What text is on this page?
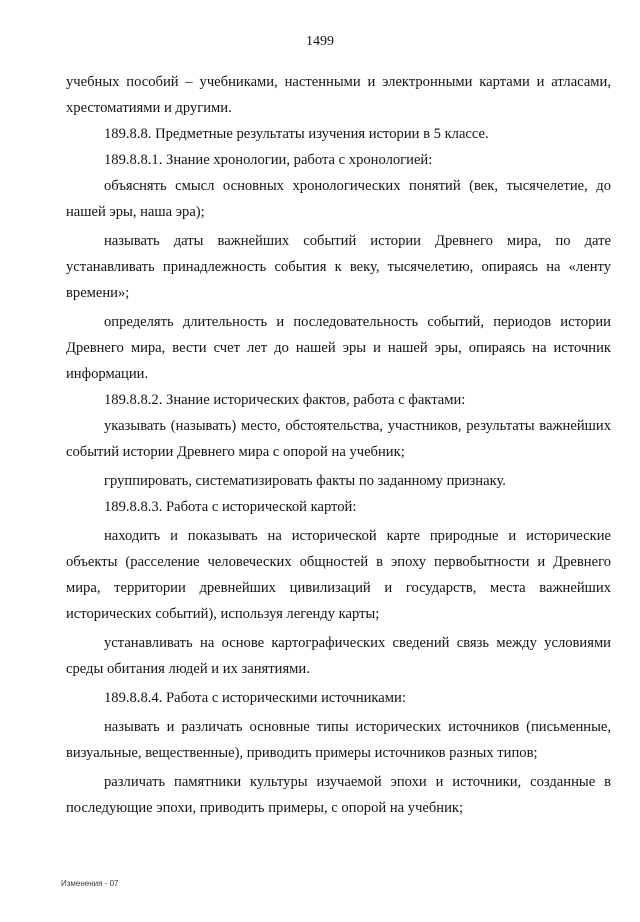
1499

учебных пособий – учебниками, настенными и электронными картами и атласами, хрестоматиями и другими.

189.8.8. Предметные результаты изучения истории в 5 классе.

189.8.8.1. Знание хронологии, работа с хронологией:

объяснять смысл основных хронологических понятий (век, тысячелетие, до нашей эры, наша эра);

называть даты важнейших событий истории Древнего мира, по дате устанавливать принадлежность события к веку, тысячелетию, опираясь на «ленту времени»;

определять длительность и последовательность событий, периодов истории Древнего мира, вести счет лет до нашей эры и нашей эры, опираясь на источник информации.

189.8.8.2. Знание исторических фактов, работа с фактами:

указывать (называть) место, обстоятельства, участников, результаты важнейших событий истории Древнего мира с опорой на учебник;

группировать, систематизировать факты по заданному признаку.

189.8.8.3. Работа с исторической картой:

находить и показывать на исторической карте природные и исторические объекты (расселение человеческих общностей в эпоху первобытности и Древнего мира, территории древнейших цивилизаций и государств, места важнейших исторических событий), используя легенду карты;

устанавливать на основе картографических сведений связь между условиями среды обитания людей и их занятиями.

189.8.8.4. Работа с историческими источниками:

называть и различать основные типы исторических источников (письменные, визуальные, вещественные), приводить примеры источников разных типов;

различать памятники культуры изучаемой эпохи и источники, созданные в последующие эпохи, приводить примеры, с опорой на учебник;

Изменения - 07
